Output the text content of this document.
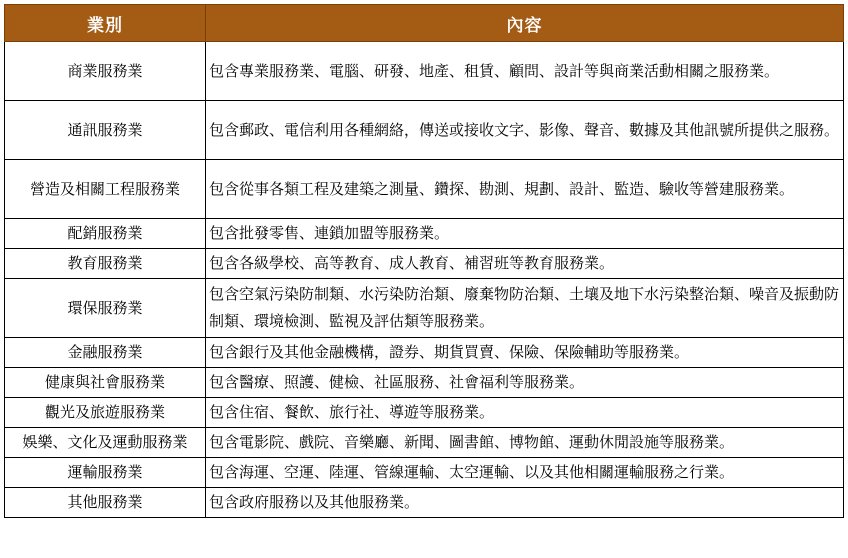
業別	內容
商業服務業	包含專業服務業、電腦、研發、地產、租賃、顧問、設計等與商業活動相關之服務業。
通訊服務業	包含郵政、電信利用各種網絡，傳送或接收文字、影像、聲音、數據及其他訊號所提供之服務。
營造及相關工程服務業	包含從事各類工程及建築之測量、鑽探、勘測、規劃、設計、監造、驗收等營建服務業。
配銷服務業	包含批發零售、連鎖加盟等服務業。
教育服務業	包含各級學校、高等教育、成人教育、補習班等教育服務業。
環保服務業	包含空氣污染防制類、水污染防治類、廢棄物防治類、土壤及地下水污染整治類、噪音及振動防制類、環境檢測、監視及評估類等服務業。
金融服務業	包含銀行及其他金融機構，證券、期貨買賣、保險、保險輔助等服務業。
健康與社會服務業	包含醫療、照護、健檢、社區服務、社會福利等服務業。
觀光及旅遊服務業	包含住宿、餐飲、旅行社、導遊等服務業。
娛樂、文化及運動服務業	包含電影院、戲院、音樂廳、新聞、圖書館、博物館、運動休閒設施等服務業。
運輸服務業	包含海運、空運、陸運、管線運輸、太空運輸、以及其他相關運輸服務之行業。
其他服務業	包含政府服務以及其他服務業。
